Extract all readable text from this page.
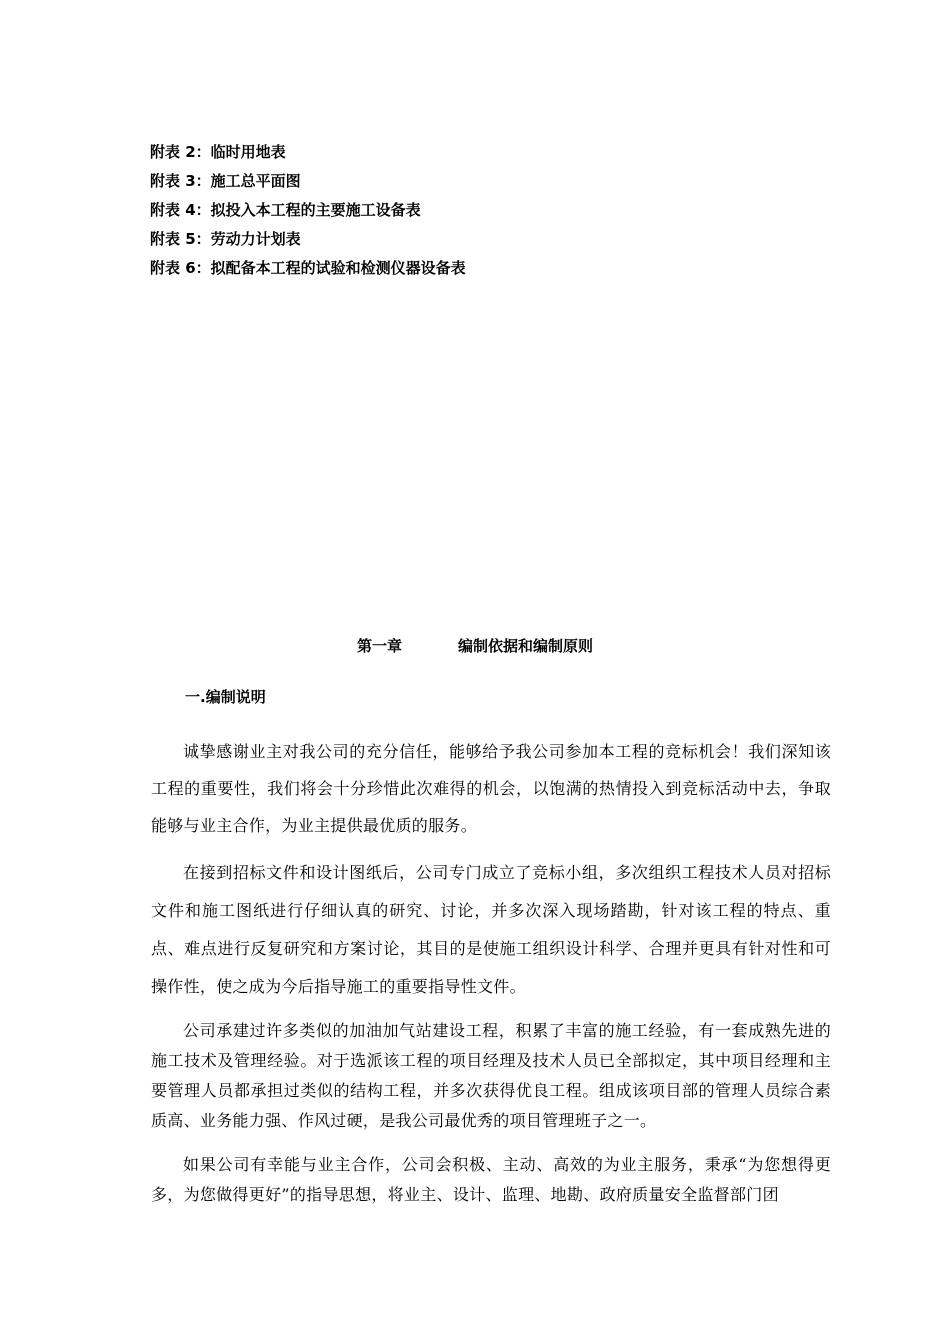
附表 2：临时用地表
附表 3：施工总平面图
附表 4：拟投入本工程的主要施工设备表
附表 5：劳动力计划表
附表 6：拟配备本工程的试验和检测仪器设备表
第一章	编制依据和编制原则
一.编制说明

诚挚感谢业主对我公司的充分信任，能够给予我公司参加本工程的竞标机会！我们深知该工程的重要性，我们将会十分珍惜此次难得的机会，以饱满的热情投入到竞标活动中去，争取能够与业主合作，为业主提供最优质的服务。

在接到招标文件和设计图纸后，公司专门成立了竞标小组，多次组织工程技术人员对招标文件和施工图纸进行仔细认真的研究、讨论，并多次深入现场踏勘，针对该工程的特点、重点、难点进行反复研究和方案讨论，其目的是使施工组织设计科学、合理并更具有针对性和可操作性，使之成为今后指导施工的重要指导性文件。

公司承建过许多类似的加油加气站建设工程，积累了丰富的施工经验，有一套成熟先进的施工技术及管理经验。对于选派该工程的项目经理及技术人员已全部拟定，其中项目经理和主要管理人员都承担过类似的结构工程，并多次获得优良工程。组成该项目部的管理人员综合素质高、业务能力强、作风过硬，是我公司最优秀的项目管理班子之一。

如果公司有幸能与业主合作，公司会积极、主动、高效的为业主服务，秉承“为您想得更多，为您做得更好”的指导思想，将业主、设计、监理、地勘、政府质量安全监督部门团
